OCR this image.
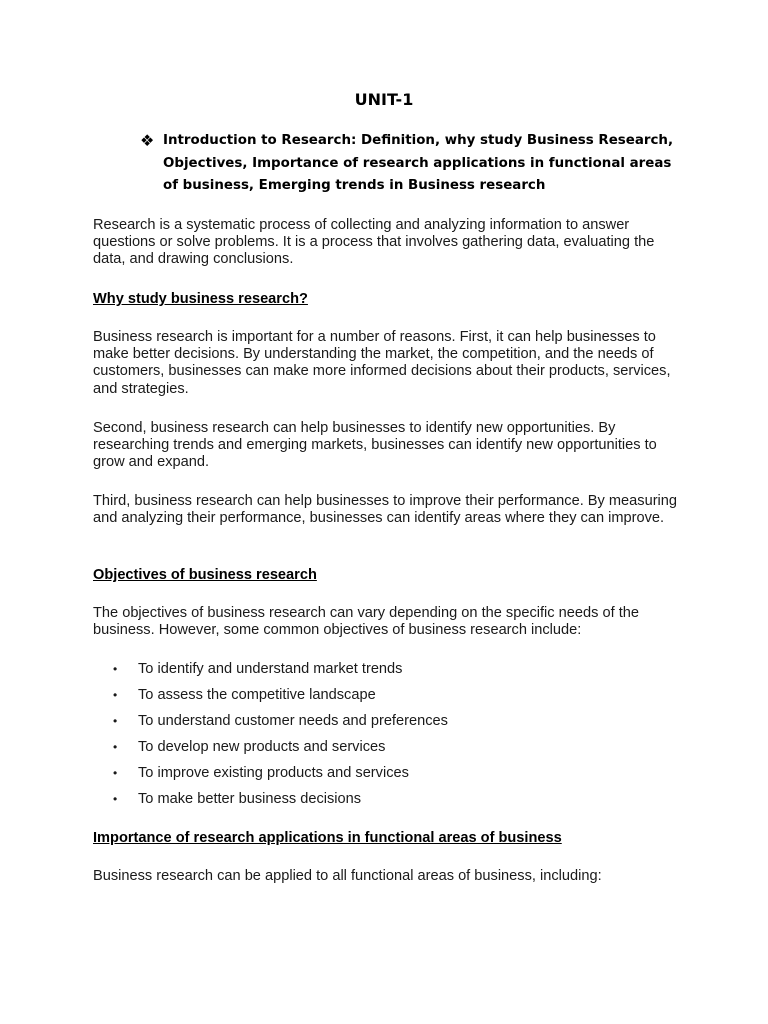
UNIT-1
❖ Introduction to Research: Definition, why study Business Research, Objectives, Importance of research applications in functional areas of business, Emerging trends in Business research

Research is a systematic process of collecting and analyzing information to answer questions or solve problems. It is a process that involves gathering data, evaluating the data, and drawing conclusions.

Why study business research?

Business research is important for a number of reasons. First, it can help businesses to make better decisions. By understanding the market, the competition, and the needs of customers, businesses can make more informed decisions about their products, services, and strategies.

Second, business research can help businesses to identify new opportunities. By researching trends and emerging markets, businesses can identify new opportunities to grow and expand.

Third, business research can help businesses to improve their performance. By measuring and analyzing their performance, businesses can identify areas where they can improve.

Objectives of business research

The objectives of business research can vary depending on the specific needs of the business. However, some common objectives of business research include:

• To identify and understand market trends
• To assess the competitive landscape
• To understand customer needs and preferences
• To develop new products and services
• To improve existing products and services
• To make better business decisions

Importance of research applications in functional areas of business

Business research can be applied to all functional areas of business, including:
